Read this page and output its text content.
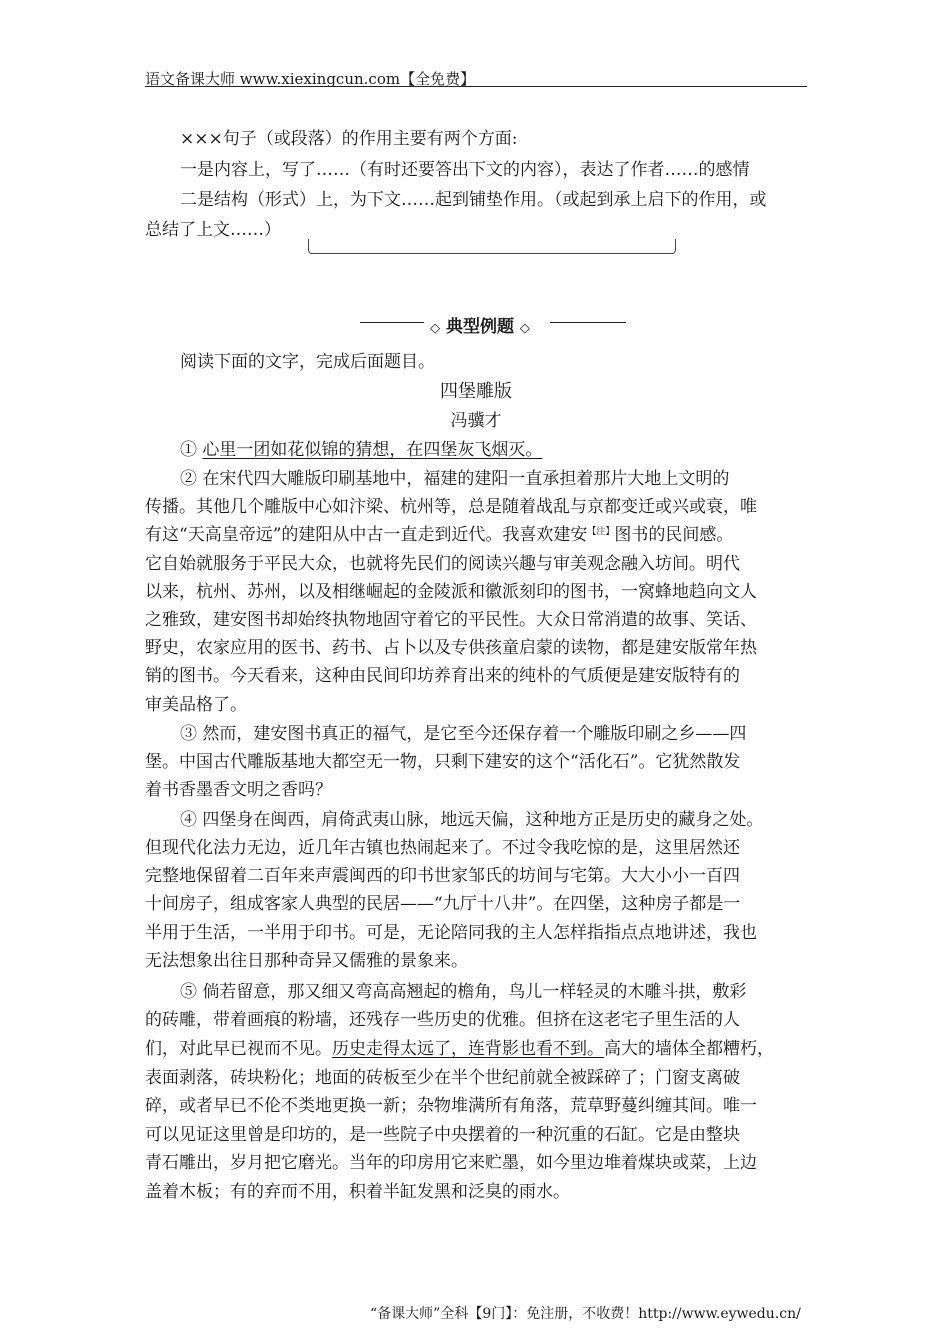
语文备课大师 www.xiexingcun.com【全免费】
×××句子（或段落）的作用主要有两个方面:
一是内容上，写了……（有时还要答出下文的内容），表达了作者……的感情
二是结构（形式）上，为下文……起到铺垫作用。（或起到承上启下的作用，或
总结了上文……）
◇ 典型例题 ◇
阅读下面的文字，完成后面题目。
四堡雕版
冯骥才
① 心里一团如花似锦的猜想，在四堡灰飞烟灭。
② 在宋代四大雕版印刷基地中，福建的建阳一直承担着那片大地上文明的
传播。其他几个雕版中心如汴梁、杭州等，总是随着战乱与京都变迁或兴或衰，唯
有这“天高皇帝远”的建阳从中古一直走到近代。我喜欢建安$^{【注】}$图书的民间感。
它自始就服务于平民大众，也就将先民们的阅读兴趣与审美观念融入坊间。明代
以来，杭州、苏州，以及相继崛起的金陵派和徽派刻印的图书，一窝蜂地趋向文人
之雅致，建安图书却始终执物地固守着它的平民性。大众日常消遣的故事、笑话、
野史，农家应用的医书、药书、占卜以及专供孩童启蒙的读物，都是建安版常年热
销的图书。今天看来，这种由民间印坊养育出来的纯朴的气质便是建安版特有的
审美品格了。
③ 然而，建安图书真正的福气，是它至今还保存着一个雕版印刷之乡——四
堡。中国古代雕版基地大都空无一物，只剩下建安的这个“活化石”。它犹然散发
着书香墨香文明之香吗？
④ 四堡身在闽西，肩倚武夷山脉，地远天偏，这种地方正是历史的藏身之处。
但现代化法力无边，近几年古镇也热闹起来了。不过令我吃惊的是，这里居然还
完整地保留着二百年来声震闽西的印书世家邹氏的坊间与宅第。大大小小一百四
十间房子，组成客家人典型的民居——“九厅十八井”。在四堡，这种房子都是一
半用于生活，一半用于印书。可是，无论陪同我的主人怎样指指点点地讲述，我也
无法想象出往日那种奇异又儒雅的景象来。
⑤ 倘若留意，那又细又弯高高翘起的檐角，鸟儿一样轻灵的木雕斗拱，敷彩
的砖雕，带着画痕的粉墙，还残存一些历史的优雅。但挤在这老宅子里生活的人
们，对此早已视而不见。历史走得太远了，连背影也看不到。高大的墙体全都糟朽，
表面剥落，砖块粉化；地面的砖板至少在半个世纪前就全被踩碎了；门窗支离破
碎，或者早已不伦不类地更换一新；杂物堆满所有角落，荒草野蔓纠缠其间。唯一
可以见证这里曾是印坊的，是一些院子中央摆着的一种沉重的石缸。它是由整块
青石雕出，岁月把它磨光。当年的印房用它来贮墨，如今里边堆着煤块或菜，上边
盖着木板；有的弃而不用，积着半缸发黑和泛臭的雨水。
“备课大师”全科【9门】：免注册，不收费！http://www.eywedu.cn/
